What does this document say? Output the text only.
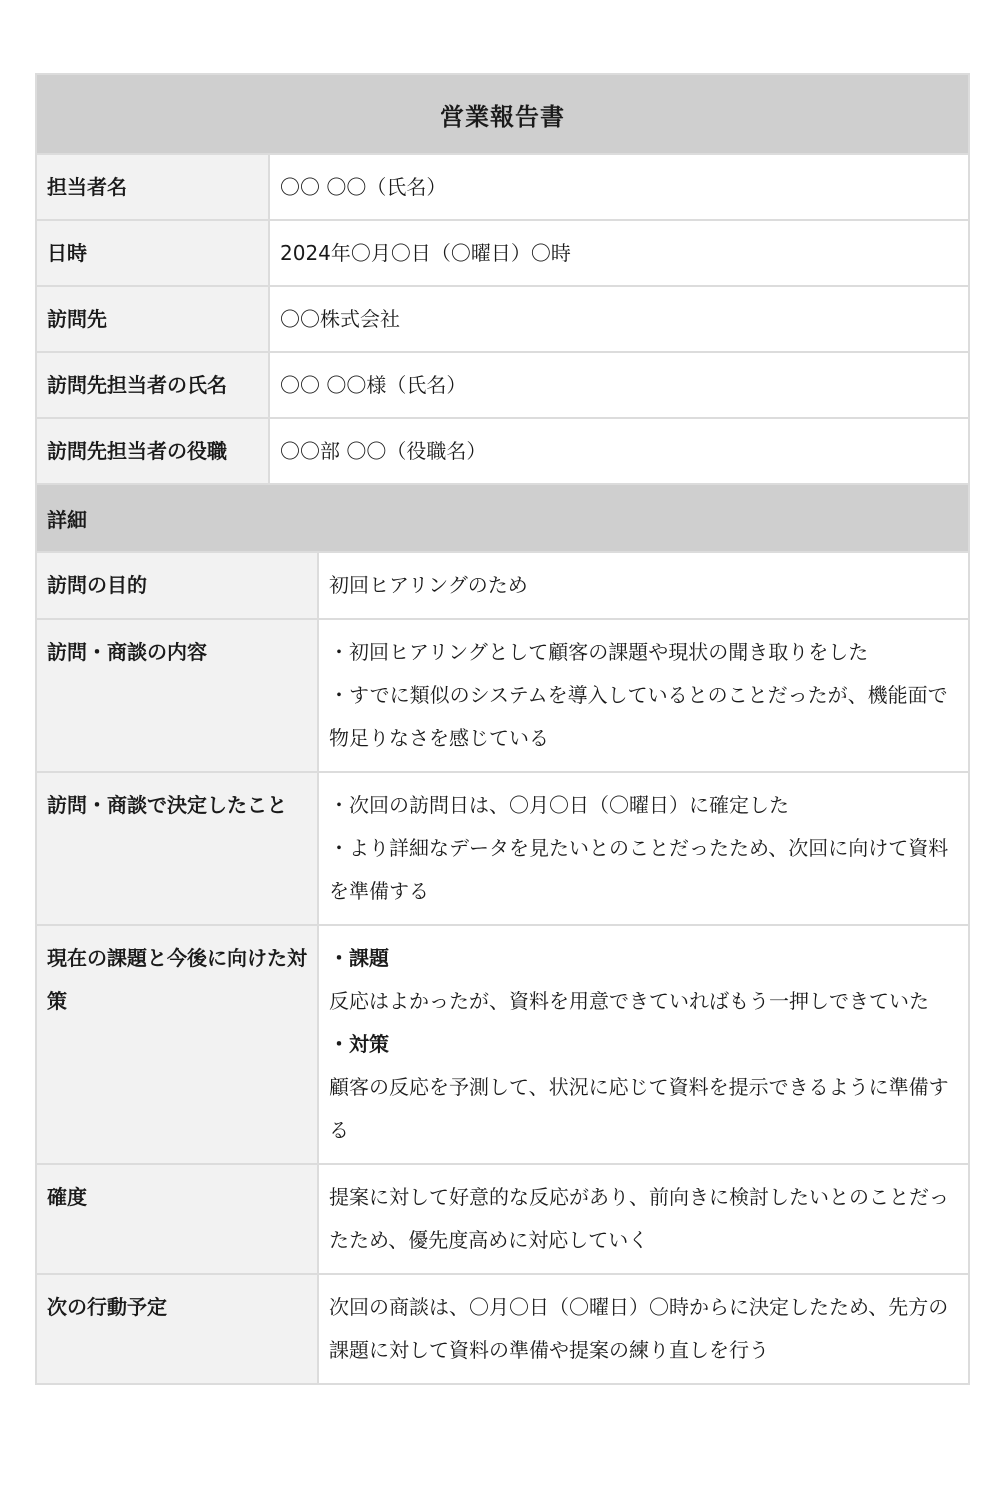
営業報告書		
担当者名	〇〇 〇〇（氏名）	
日時	2024年〇月〇日（〇曜日）〇時	
訪問先	〇〇株式会社	
訪問先担当者の氏名	〇〇 〇〇様（氏名）	
訪問先担当者の役職	〇〇部 〇〇（役職名）	
詳細		
訪問の目的		初回ヒアリングのため
訪問・商談の内容		・初回ヒアリングとして顧客の課題や現状の聞き取りをした
・すでに類似のシステムを導入しているとのことだったが、機能面で物足りなさを感じている

訪問・商談で決定したこと		・次回の訪問日は、〇月〇日（〇曜日）に確定した
・より詳細なデータを見たいとのことだったため、次回に向けて資料を準備する

現在の課題と今後に向けた対策		・課題
反応はよかったが、資料を用意できていればもう一押しできていた
・対策
顧客の反応を予測して、状況に応じて資料を提示できるように準備する

確度		提案に対して好意的な反応があり、前向きに検討したいとのことだったため、優先度高めに対応していく
次の行動予定		次回の商談は、〇月〇日（〇曜日）〇時からに決定したため、先方の課題に対して資料の準備や提案の練り直しを行う
